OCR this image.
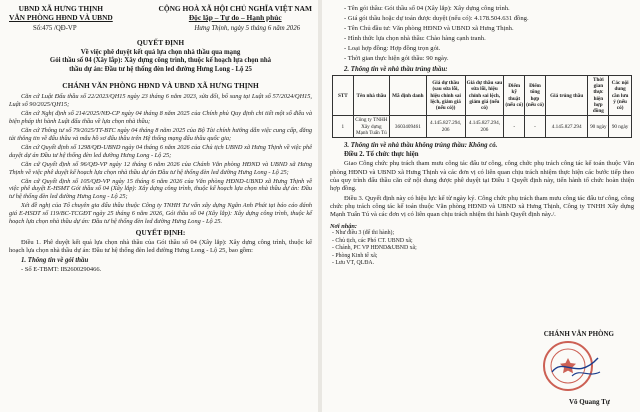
UBND XÃ HƯNG THỊNH
VĂN PHÒNG HĐND VÀ UBND
CỘNG HOÀ XÃ HỘI CHỦ NGHĨA VIỆT NAM
Độc lập – Tự do – Hạnh phúc
Số:475 /QĐ-VP	Hưng Thịnh, ngày 5 tháng 6 năm 2026
QUYẾT ĐỊNH
Về việc phê duyệt kết quả lựa chọn nhà thầu qua mạng
Gói thầu số 04 (Xây lắp): Xây dựng công trình, thuộc kế hoạch lựa chọn nhà
thầu dự án: Đầu tư hệ thống đèn led đường Hưng Long - Lộ 25
CHÁNH VĂN PHÒNG HĐND VÀ UBND XÃ HƯNG THỊNH

Căn cứ Luật Đấu thầu số 22/2023/QH15 ngày 23 tháng 6 năm 2023, sửa đổi, bổ sung tại Luật số 57/2024/QH15, Luật số 90/2025/QH15;

Căn cứ Nghị định số 214/2025/NĐ-CP ngày 04 tháng 8 năm 2025 của Chính phủ Quy định chi tiết một số điều và biện pháp thi hành Luật đấu thầu về lựa chọn nhà thầu;

Căn cứ Thông tư số 79/2025/TT-BTC ngày 04 tháng 8 năm 2025 của Bộ Tài chính hướng dẫn việc cung cấp, đăng tải thông tin về đấu thầu và mẫu hồ sơ đấu thầu trên Hệ thống mạng đấu thầu quốc gia;

Căn cứ Quyết định số 1298/QĐ-UBND ngày 04 tháng 6 năm 2026 của Chủ tịch UBND xã Hưng Thịnh về việc phê duyệt dự án Đầu tư hệ thống đèn led đường Hưng Long - Lộ 25;

Căn cứ Quyết định số 96/QĐ-VP ngày 12 tháng 6 năm 2026 của Chánh Văn phòng HĐND và UBND xã Hưng Thịnh về việc phê duyệt kế hoạch lựa chọn nhà thầu dự án Đầu tư hệ thống đèn led đường Hưng Long - Lộ 25;

Căn cứ Quyết định số 105/QĐ-VP ngày 15 tháng 6 năm 2026 của Văn phòng HĐND-UBND xã Hưng Thịnh về việc phê duyệt E-HSMT Gói thầu số 04 (Xây lắp): Xây dựng công trình, thuộc kế hoạch lựa chọn nhà thầu dự án: Đầu tư hệ thống đèn led đường Hưng Long - Lộ 25;

Xét đề nghị của Tổ chuyên gia đấu thầu thuộc Công ty TNHH Tư vấn xây dựng Ngân Anh Phát tại báo cáo đánh giá E-HSDT số 119/BC-TCGĐT ngày 25 tháng 6 năm 2026, Gói thầu số 04 (Xây lắp): Xây dựng công trình, thuộc kế hoạch lựa chọn nhà thầu dự án: Đầu tư hệ thống đèn led đường Hưng Long - Lộ 25.

QUYẾT ĐỊNH:

Điều 1. Phê duyệt kết quả lựa chọn nhà thầu của Gói thầu số 04 (Xây lắp): Xây dựng công trình, thuộc kế hoạch lựa chọn nhà thầu dự án: Đầu tư hệ thống đèn led đường Hưng Long - Lộ 25, bao gồm:

1. Thông tin về gói thầu

- Số E-TBMT: IB2600290466.

- Tên gói thầu: Gói thầu số 04 (Xây lắp): Xây dựng công trình.

- Giá gói thầu hoặc dự toán được duyệt (nếu có): 4.178.504.631 đồng.

- Tên Chủ đầu tư: Văn phòng HĐND và UBND xã Hưng Thịnh.

- Hình thức lựa chọn nhà thầu: Chào hàng cạnh tranh.

- Loại hợp đồng: Hợp đồng trọn gói.

- Thời gian thực hiện gói thầu: 90 ngày.

2. Thông tin về nhà thầu trúng thầu:
STT	Tên nhà thầu	Mã định danh	Giá dự thầu (sau sửa lỗi, hiệu chỉnh sai lệch, giảm giá (nếu có))	Giá dự thầu sau sửa lỗi, hiệu chỉnh sai lệch, giảm giá (nếu có)	Điểm kỹ thuật (nếu có)	Điểm tổng hợp (nếu có)	Giá trúng thầu	Thời gian thực hiện hợp đồng	Các nội dung cần lưu ý (nếu có)
1	Công ty TNHH Xây dựng Mạnh Tuấn Tú	3603409461	4.145.827.294, 206	4.145.827.294, 206	-	-	4.145.827.294	90 ngày	90 ngày
3. Thông tin về nhà thầu không trúng thầu: Không có.
Điều 2. Tổ chức thực hiện

Giao Công chức phụ trách tham mưu công tác đấu tư công, công chức phụ trách công tác kế toán thuộc Văn phòng HĐND và UBND xã Hưng Thịnh và các đơn vị có liên quan chịu trách nhiệm thực hiện các bước tiếp theo của quy trình đấu thầu căn cứ nội dung được phê duyệt tại Điều 1 Quyết định này, tiến hành tổ chức hoàn thiện hợp đồng.

Điều 3. Quyết định này có hiệu lực kể từ ngày ký. Công chức phụ trách tham mưu công tác đấu tư công, công chức phụ trách công tác kế toán thuộc Văn phòng HĐND và UBND xã Hưng Thịnh, Công ty TNHH Xây dựng Mạnh Tuấn Tú và các đơn vị có liên quan chịu trách nhiệm thi hành Quyết định này./.

Nơi nhận:
- Như điều 3 (để thi hành);
- Chủ tịch, các Phó CT. UBND xã;
- Chánh, PC VP HĐND&UBND xã;
- Phòng Kinh tế xã;
- Lưu VT, QLĐA.
CHÁNH VĂN PHÒNG
Võ Quang Tự
